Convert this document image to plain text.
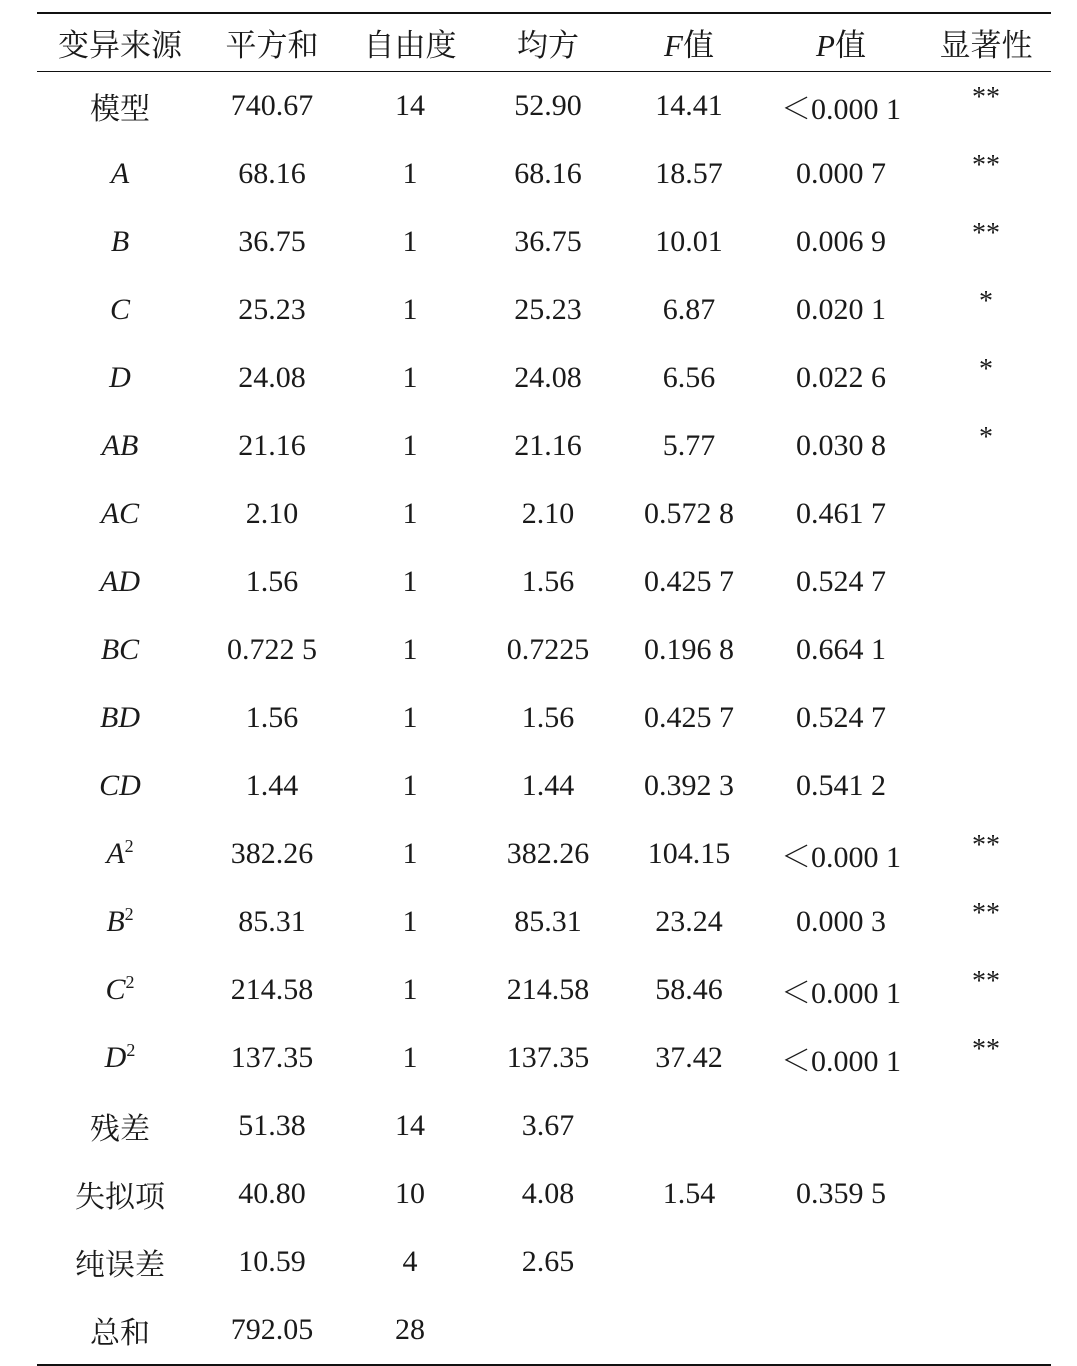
变异来源	平方和	自由度	均方	F值	P值	显著性
模型	740.67	14	52.90	14.41	＜0.000 1	**
A	68.16	1	68.16	18.57	0.000 7	**
B	36.75	1	36.75	10.01	0.006 9	**
C	25.23	1	25.23	6.87	0.020 1	*
D	24.08	1	24.08	6.56	0.022 6	*
AB	21.16	1	21.16	5.77	0.030 8	*
AC	2.10	1	2.10	0.572 8	0.461 7	
AD	1.56	1	1.56	0.425 7	0.524 7	
BC	0.722 5	1	0.7225	0.196 8	0.664 1	
BD	1.56	1	1.56	0.425 7	0.524 7	
CD	1.44	1	1.44	0.392 3	0.541 2	
$A^2$	382.26	1	382.26	104.15	＜0.000 1	**
$B^2$	85.31	1	85.31	23.24	0.000 3	**
$C^2$	214.58	1	214.58	58.46	＜0.000 1	**
$D^2$	137.35	1	137.35	37.42	＜0.000 1	**
残差	51.38	14	3.67			
失拟项	40.80	10	4.08	1.54	0.359 5	
纯误差	10.59	4	2.65			
总和	792.05	28				
